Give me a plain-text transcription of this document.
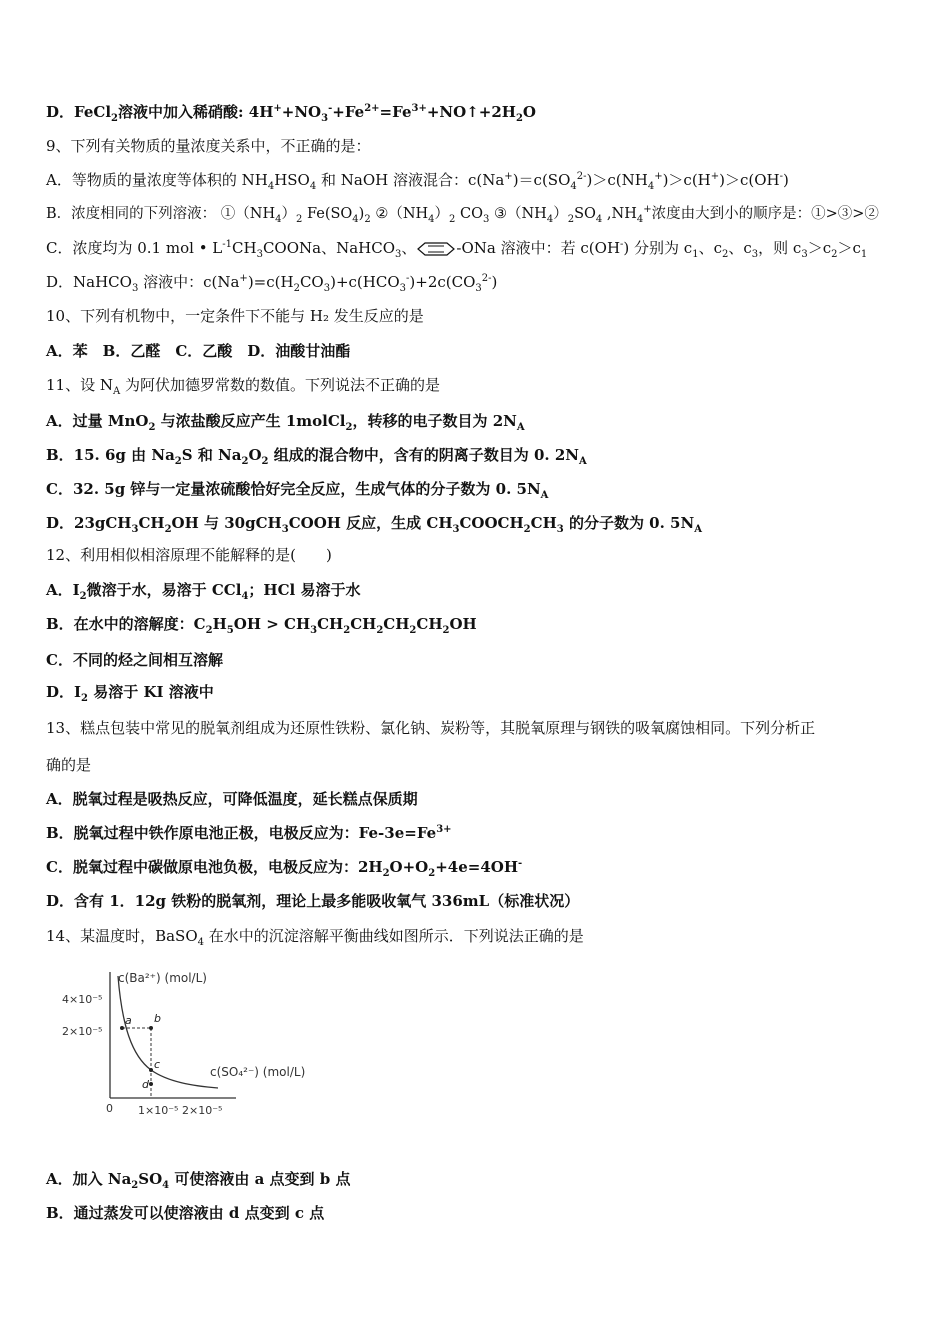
D．FeCl$_2$溶液中加入稀硝酸: $4H^++NO_3^-+Fe^{2+}=Fe^{3+}+NO↑+2H_2O$
9、下列有关物质的量浓度关系中，不正确的是：
A．等物质的量浓度等体积的 $NH_4HSO_4$ 和 NaOH 溶液混合：$c(Na^+)=c(SO_4^{2-})>c(NH_4^+)>c(H^+)>c(OH^-)$
B．浓度相同的下列溶液： $①(NH_4)_2$ $Fe(SO_4)_2$ $②(NH_4)_2$ $CO_3$ $③(NH_4)_2SO_4$ $,NH_4^+$浓度由大到小的顺序是：①>③>②
C．浓度均为 0.1 mol • $L^{-1}CH_3COONa$、NaHCO$_3$、	-ONa 溶液中：若 c(OH-) 分别为 $c_1$、$c_2$、$c_3$，则 $c_3>c_2>c_1$
D．NaHCO$_3$ 溶液中：$c(Na^+)=c(H_2CO_3)+c(HCO_3^-)+2c(CO_3^{2-})$
10、下列有机物中，一定条件下不能与 H₂ 发生反应的是
A．苯　B．乙醛　C．乙酸　D．油酸甘油酯
11、设 $N_A$ 为阿伏加德罗常数的数值。下列说法不正确的是
A．过量 MnO$_2$ 与浓盐酸反应产生 1molCl$_2$，转移的电子数目为 $2N_A$
B．15. 6g 由 $Na_2S$ 和 $Na_2O_2$ 组成的混合物中，含有的阴离子数目为 0. $2N_A$
C．32. 5g 锌与一定量浓硫酸恰好完全反应，生成气体的分子数为 0. $5N_A$
D．$23gCH_3CH_2OH$ 与 30gCH$_3$COOH 反应，生成 $CH_3COOCH_2CH_3$ 的分子数为 0. $5N_A$
12、利用相似相溶原理不能解释的是(　　)
A．$I_2$微溶于水，易溶于 CCl$_4$；HCl 易溶于水
B．在水中的溶解度：$C_2H_5OH > CH_3CH_2CH_2CH_2CH_2OH$
C．不同的烃之间相互溶解
D．$I_2$ 易溶于 KI 溶液中
13、糕点包装中常见的脱氧剂组成为还原性铁粉、氯化钠、炭粉等，其脱氧原理与钢铁的吸氧腐蚀相同。下列分析正
确的是
A．脱氧过程是吸热反应，可降低温度，延长糕点保质期
B．脱氧过程中铁作原电池正极，电极反应为：$Fe-3e=Fe^{3+}$
C．脱氧过程中碳做原电池负极，电极反应为：$2H_2O+O_2+4e=4OH^-$
D．含有 1．12g 铁粉的脱氧剂，理论上最多能吸收氧气 336mL（标准状况）
14、某温度时，BaSO$_4$ 在水中的沉淀溶解平衡曲线如图所示．下列说法正确的是
c(Ba²⁺) (mol/L)
c(SO₄²⁻) (mol/L)
4×10⁻⁵
2×10⁻⁵
0 1×10⁻⁵ 2×10⁻⁵
a b
c
d
A．加入 $Na_2SO_4$ 可使溶液由 a 点变到 b 点
B．通过蒸发可以使溶液由 d 点变到 c 点
